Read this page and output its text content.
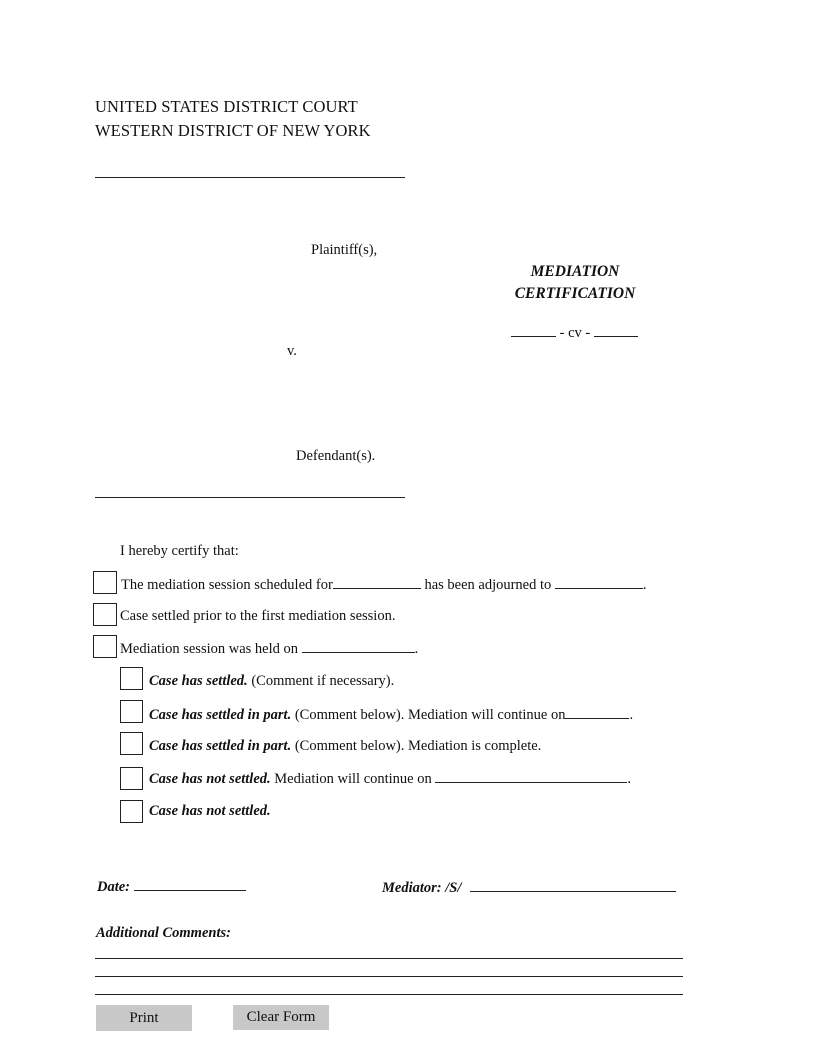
UNITED STATES DISTRICT COURT
WESTERN DISTRICT OF NEW YORK
Plaintiff(s),
v.
Defendant(s).
MEDIATION
CERTIFICATION
- cv -
I hereby certify that:
The mediation session scheduled for	has been adjourned to	.
Case settled prior to the first mediation session.
Mediation session was held on	.
Case has settled. (Comment if necessary).
Case has settled in part. (Comment below). Mediation will continue on	.
Case has settled in part. (Comment below). Mediation is complete.
Case has not settled. Mediation will continue on	.
Case has not settled.
Date:	Mediator: /S/
Additional Comments:
Print	Clear Form
